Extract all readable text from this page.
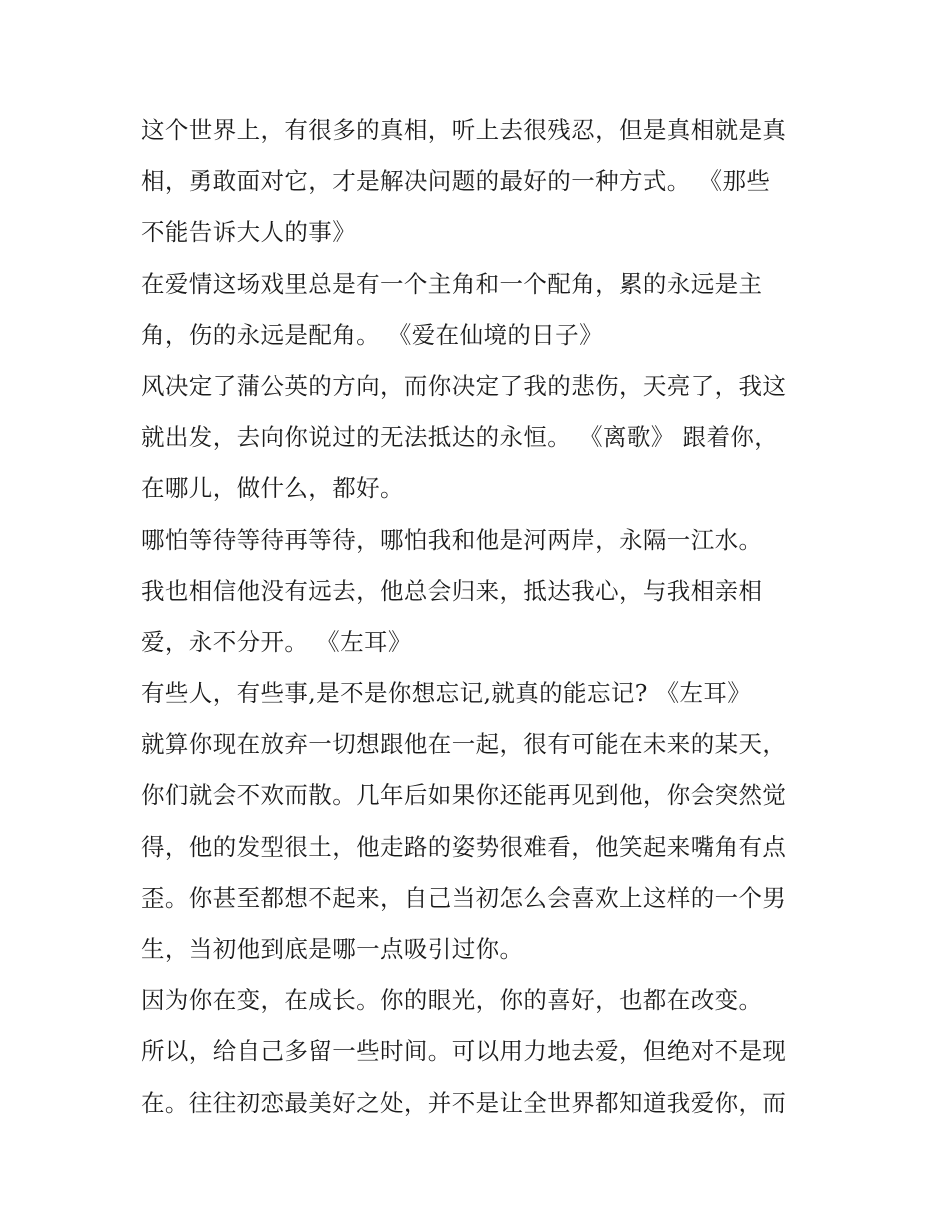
这个世界上，有很多的真相，听上去很残忍，但是真相就是真
相，勇敢面对它，才是解决问题的最好的一种方式。 《那些
不能告诉大人的事》
在爱情这场戏里总是有一个主角和一个配角，累的永远是主
角，伤的永远是配角。 《爱在仙境的日子》
风决定了蒲公英的方向，而你决定了我的悲伤，天亮了，我这
就出发，去向你说过的无法抵达的永恒。 《离歌》 跟着你，
在哪儿，做什么，都好。
哪怕等待等待再等待，哪怕我和他是河两岸，永隔一江水。
我也相信他没有远去，他总会归来，抵达我心，与我相亲相
爱，永不分开。 《左耳》
有些人，有些事,是不是你想忘记,就真的能忘记? 《左耳》
就算你现在放弃一切想跟他在一起，很有可能在未来的某天，
你们就会不欢而散。几年后如果你还能再见到他，你会突然觉
得，他的发型很土，他走路的姿势很难看，他笑起来嘴角有点
歪。你甚至都想不起来，自己当初怎么会喜欢上这样的一个男
生，当初他到底是哪一点吸引过你。
因为你在变，在成长。你的眼光，你的喜好，也都在改变。
所以，给自己多留一些时间。可以用力地去爱，但绝对不是现
在。往往初恋最美好之处，并不是让全世界都知道我爱你，而
